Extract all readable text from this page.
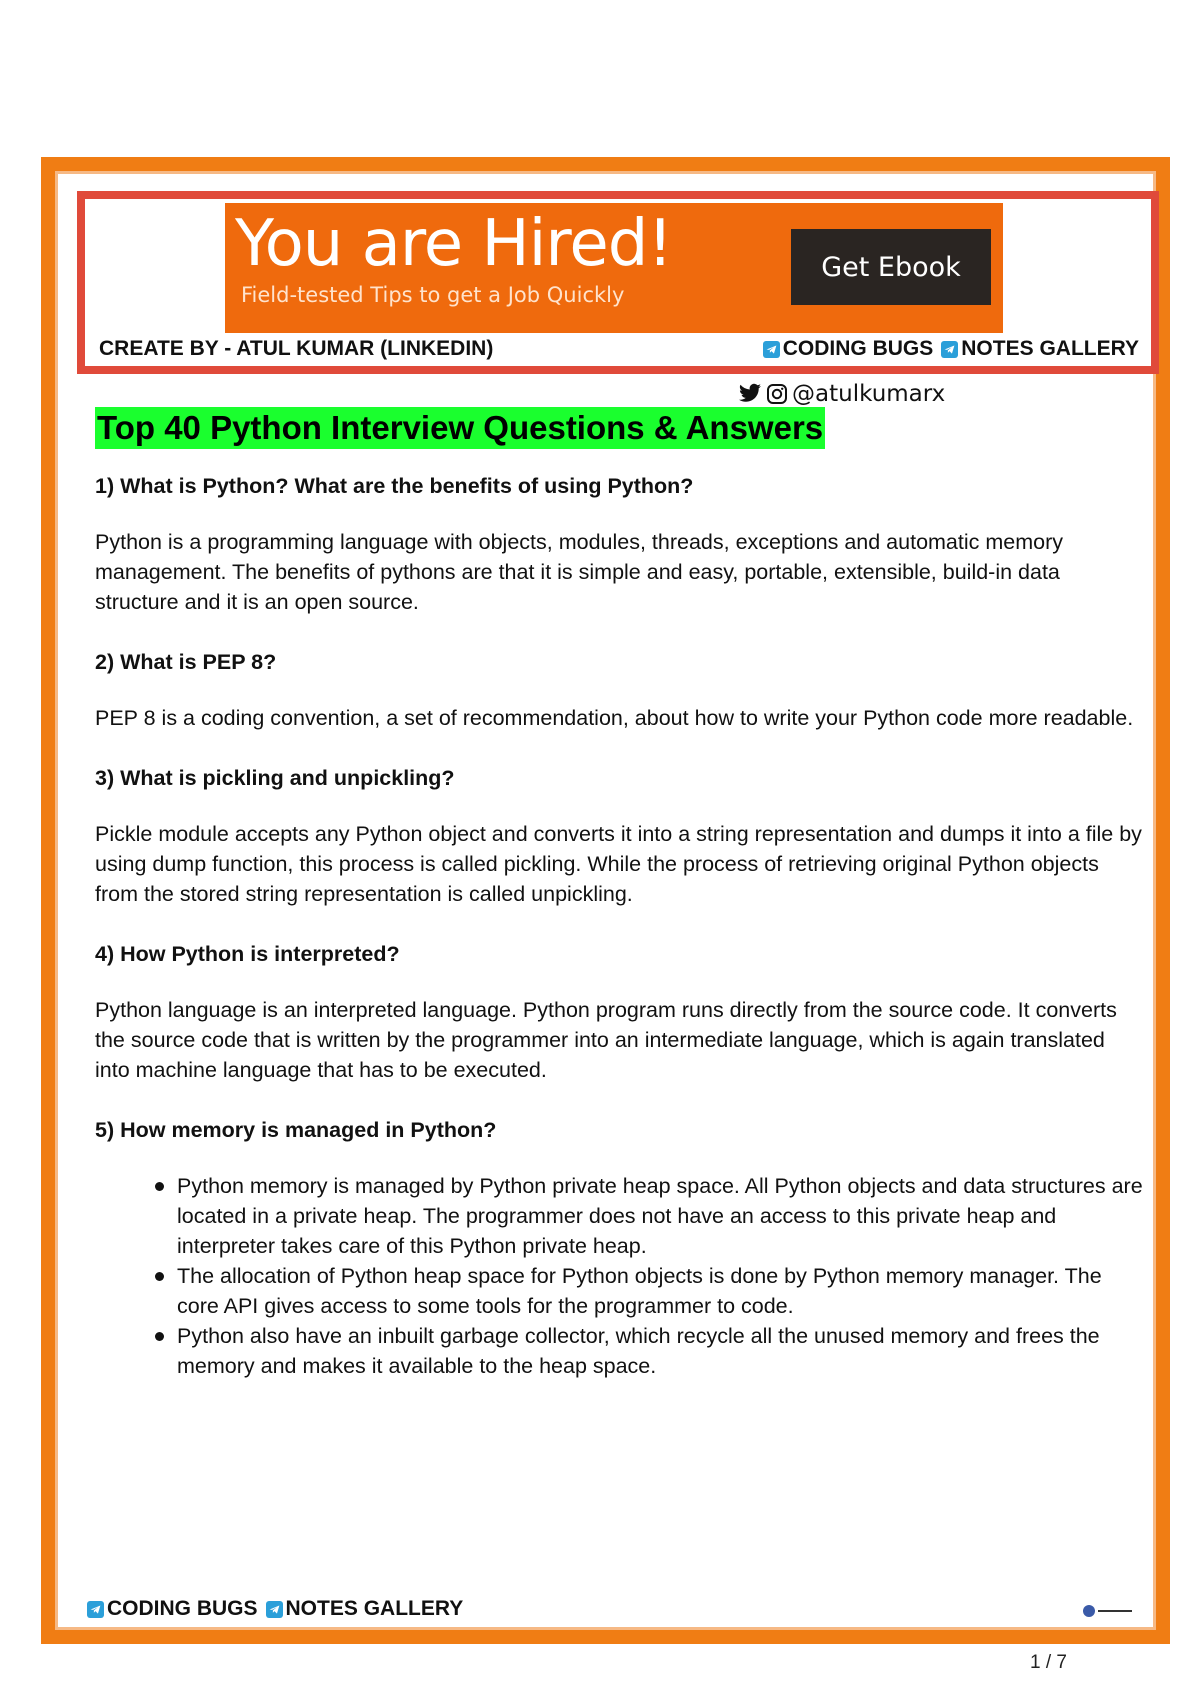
You are Hired!
Field-tested Tips to get a Job Quickly
Get Ebook
CREATE BY - ATUL KUMAR (LINKEDIN)	CODING BUGS NOTES GALLERY
@atulkumarx
Top 40 Python Interview Questions & Answers
1) What is Python? What are the benefits of using Python?

Python is a programming language with objects, modules, threads, exceptions and automatic memory management. The benefits of pythons are that it is simple and easy, portable, extensible, build-in data structure and it is an open source.

2) What is PEP 8?

PEP 8 is a coding convention, a set of recommendation, about how to write your Python code more readable.

3) What is pickling and unpickling?

Pickle module accepts any Python object and converts it into a string representation and dumps it into a file by using dump function, this process is called pickling. While the process of retrieving original Python objects from the stored string representation is called unpickling.

4) How Python is interpreted?

Python language is an interpreted language. Python program runs directly from the source code. It converts the source code that is written by the programmer into an intermediate language, which is again translated into machine language that has to be executed.

5) How memory is managed in Python?
Python memory is managed by Python private heap space. All Python objects and data structures are located in a private heap. The programmer does not have an access to this private heap and interpreter takes care of this Python private heap.
The allocation of Python heap space for Python objects is done by Python memory manager. The core API gives access to some tools for the programmer to code.
Python also have an inbuilt garbage collector, which recycle all the unused memory and frees the memory and makes it available to the heap space.
CODING BUGS NOTES GALLERY
1 / 7
